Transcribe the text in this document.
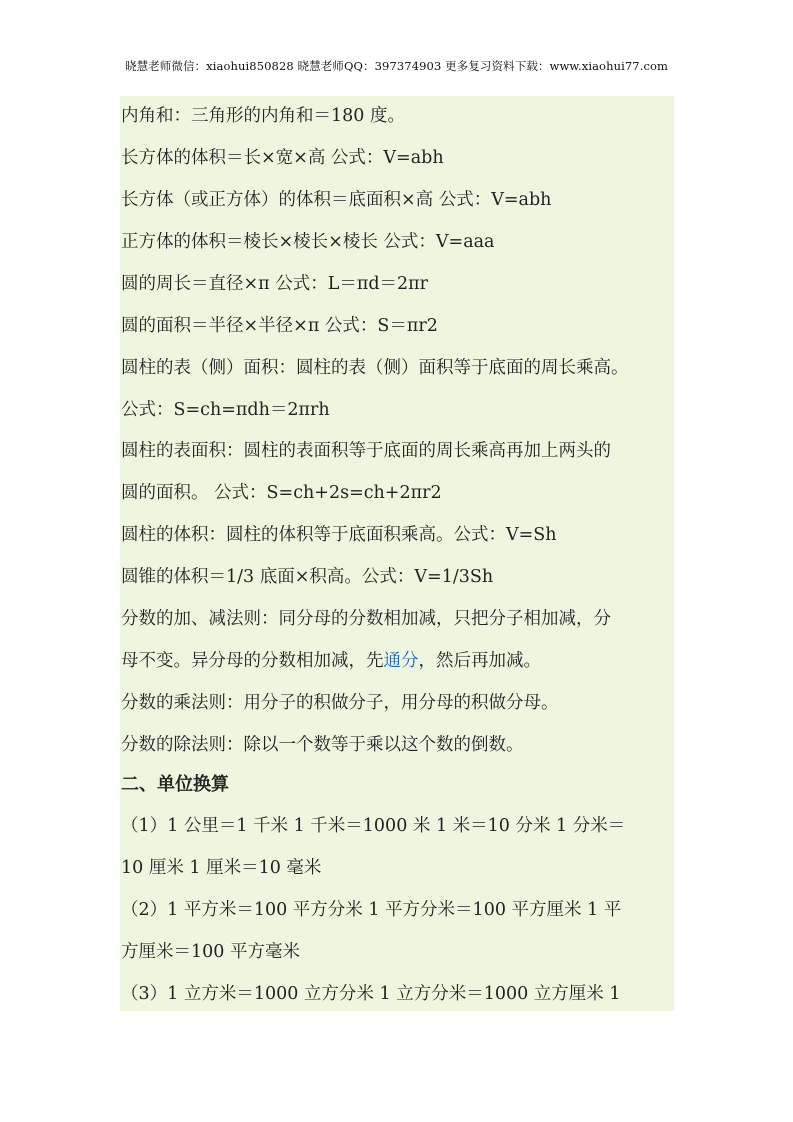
晓慧老师微信：xiaohui850828 晓慧老师QQ：397374903 更多复习资料下载：www.xiaohui77.com
内角和：三角形的内角和＝180 度。
长方体的体积＝长×宽×高 公式：V=abh
长方体（或正方体）的体积＝底面积×高 公式：V=abh
正方体的体积＝棱长×棱长×棱长 公式：V=aaa
圆的周长＝直径×π 公式：L＝πd＝2πr
圆的面积＝半径×半径×π 公式：S＝πr2
圆柱的表（侧）面积：圆柱的表（侧）面积等于底面的周长乘高。
公式：S=ch=πdh＝2πrh
圆柱的表面积：圆柱的表面积等于底面的周长乘高再加上两头的
圆的面积。 公式：S=ch+2s=ch+2πr2
圆柱的体积：圆柱的体积等于底面积乘高。公式：V=Sh
圆锥的体积＝1/3 底面×积高。公式：V=1/3Sh
分数的加、减法则：同分母的分数相加减，只把分子相加减，分
母不变。异分母的分数相加减，先通分，然后再加减。
分数的乘法则：用分子的积做分子，用分母的积做分母。
分数的除法则：除以一个数等于乘以这个数的倒数。
二、单位换算
（1）1 公里＝1 千米 1 千米＝1000 米 1 米＝10 分米 1 分米＝
10 厘米 1 厘米＝10 毫米
（2）1 平方米＝100 平方分米 1 平方分米＝100 平方厘米 1 平
方厘米＝100 平方毫米
（3）1 立方米＝1000 立方分米 1 立方分米＝1000 立方厘米 1
